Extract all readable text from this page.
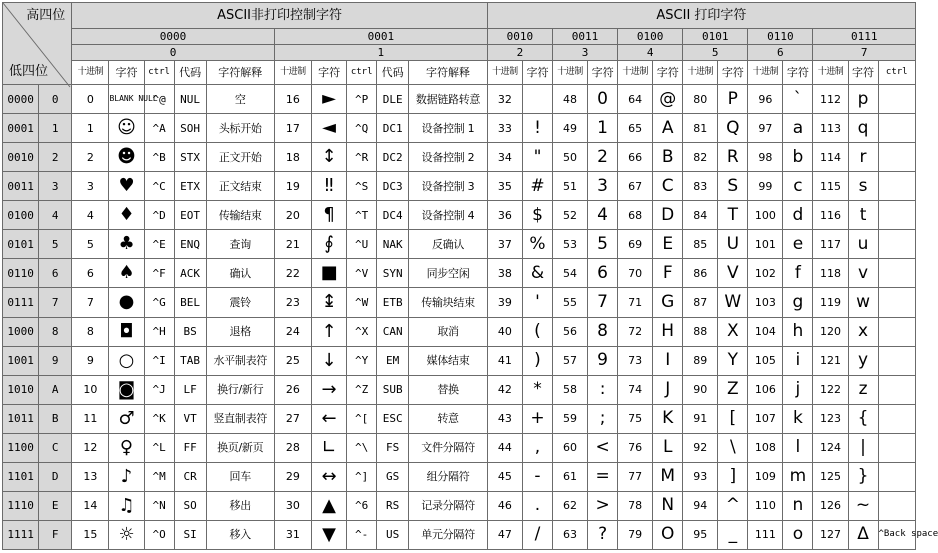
高四位
低四位		ASCII非打印控制字符										ASCII 打印字符												
		0000					0001					0010		0011		0100		0101		0110		0111		
		0					1					2		3		4		5		6		7		
		十进制	字符	ctrl	代码	字符解释	十进制	字符	ctrl	代码	字符解释	十进制	字符	十进制	字符	十进制	字符	十进制	字符	十进制	字符	十进制	字符	ctrl
0000	0	0	BLANK NULL	^@	NUL	空	16	►	^P	DLE	数据链路转意	32		48	0	64	@	80	P	96	`	112	p	
0001	1	1	☺	^A	SOH	头标开始	17	◄	^Q	DC1	设备控制 1	33	!	49	1	65	A	81	Q	97	a	113	q	
0010	2	2	☻	^B	STX	正文开始	18	↕	^R	DC2	设备控制 2	34	"	50	2	66	B	82	R	98	b	114	r	
0011	3	3	♥	^C	ETX	正文结束	19	‼	^S	DC3	设备控制 3	35	#	51	3	67	C	83	S	99	c	115	s	
0100	4	4	♦	^D	EOT	传输结束	20	¶	^T	DC4	设备控制 4	36	$	52	4	68	D	84	T	100	d	116	t	
0101	5	5	♣	^E	ENQ	查询	21	∮	^U	NAK	反确认	37	%	53	5	69	E	85	U	101	e	117	u	
0110	6	6	♠	^F	ACK	确认	22	■	^V	SYN	同步空闲	38	&	54	6	70	F	86	V	102	f	118	v	
0111	7	7	●	^G	BEL	震铃	23	↨	^W	ETB	传输块结束	39	'	55	7	71	G	87	W	103	g	119	w	
1000	8	8	◘	^H	BS	退格	24	↑	^X	CAN	取消	40	(	56	8	72	H	88	X	104	h	120	x	
1001	9	9	○	^I	TAB	水平制表符	25	↓	^Y	EM	媒体结束	41	)	57	9	73	I	89	Y	105	i	121	y	
1010	A	10	◙	^J	LF	换行/新行	26	→	^Z	SUB	替换	42	*	58	:	74	J	90	Z	106	j	122	z	
1011	B	11	♂	^K	VT	竖直制表符	27	←	^[	ESC	转意	43	+	59	;	75	K	91	[	107	k	123	{	
1100	C	12	♀	^L	FF	换页/新页	28	∟	^\	FS	文件分隔符	44	,	60	<	76	L	92	\	108	l	124	|	
1101	D	13	♪	^M	CR	回车	29	↔	^]	GS	组分隔符	45	-	61	=	77	M	93	]	109	m	125	}	
1110	E	14	♫	^N	SO	移出	30	▲	^6	RS	记录分隔符	46	.	62	>	78	N	94	^	110	n	126	~	
1111	F	15	☼	^O	SI	移入	31	▼	^-	US	单元分隔符	47	/	63	?	79	O	95	_	111	o	127	Δ	^Back space
